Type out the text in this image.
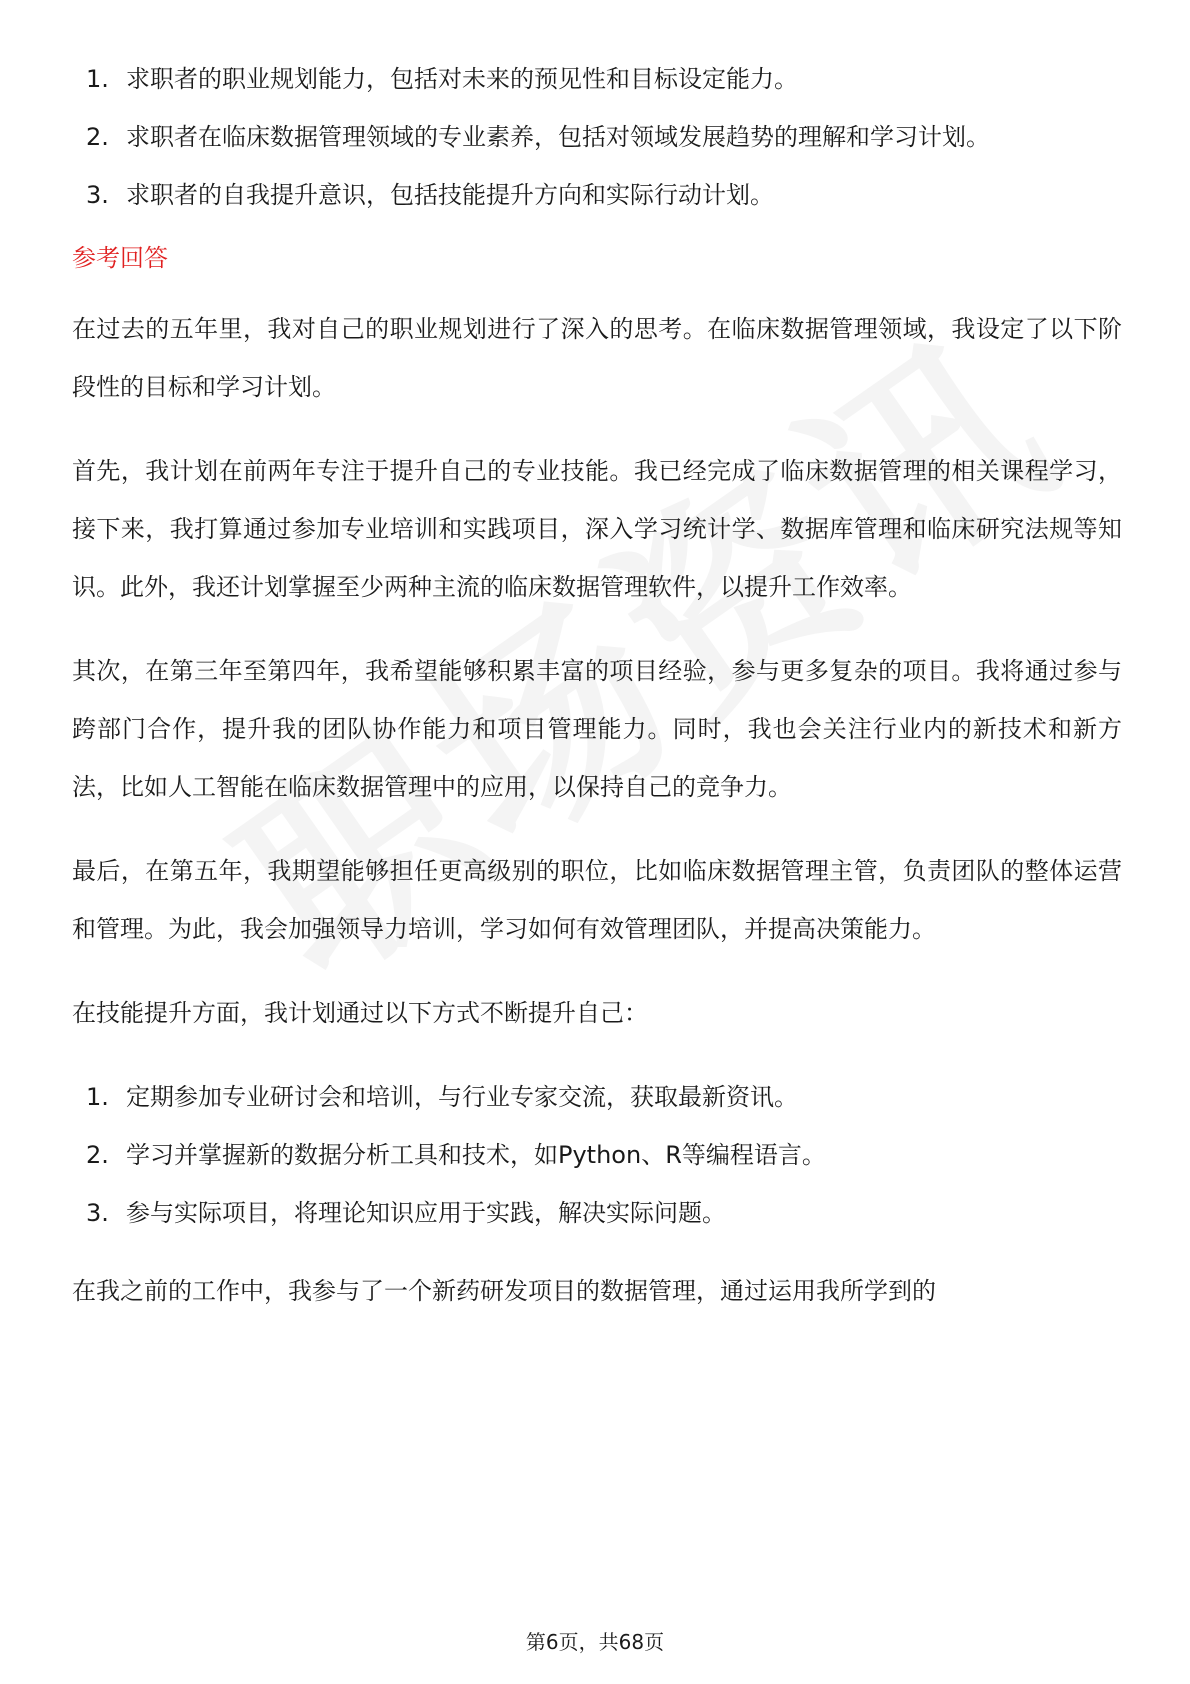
1. 求职者的职业规划能力，包括对未来的预见性和目标设定能力。
2. 求职者在临床数据管理领域的专业素养，包括对领域发展趋势的理解和学习计划。
3. 求职者的自我提升意识，包括技能提升方向和实际行动计划。
参考回答

在过去的五年里，我对自己的职业规划进行了深入的思考。在临床数据管理领域，我设定了以下阶段性的目标和学习计划。

首先，我计划在前两年专注于提升自己的专业技能。我已经完成了临床数据管理的相关课程学习，接下来，我打算通过参加专业培训和实践项目，深入学习统计学、数据库管理和临床研究法规等知识。此外，我还计划掌握至少两种主流的临床数据管理软件，以提升工作效率。

其次，在第三年至第四年，我希望能够积累丰富的项目经验，参与更多复杂的项目。我将通过参与跨部门合作，提升我的团队协作能力和项目管理能力。同时，我也会关注行业内的新技术和新方法，比如人工智能在临床数据管理中的应用，以保持自己的竞争力。

最后，在第五年，我期望能够担任更高级别的职位，比如临床数据管理主管，负责团队的整体运营和管理。为此，我会加强领导力培训，学习如何有效管理团队，并提高决策能力。

在技能提升方面，我计划通过以下方式不断提升自己：

1. 定期参加专业研讨会和培训，与行业专家交流，获取最新资讯。
2. 学习并掌握新的数据分析工具和技术，如Python、R等编程语言。
3. 参与实际项目，将理论知识应用于实践，解决实际问题。

在我之前的工作中，我参与了一个新药研发项目的数据管理，通过运用我所学到的

第6页，共68页
